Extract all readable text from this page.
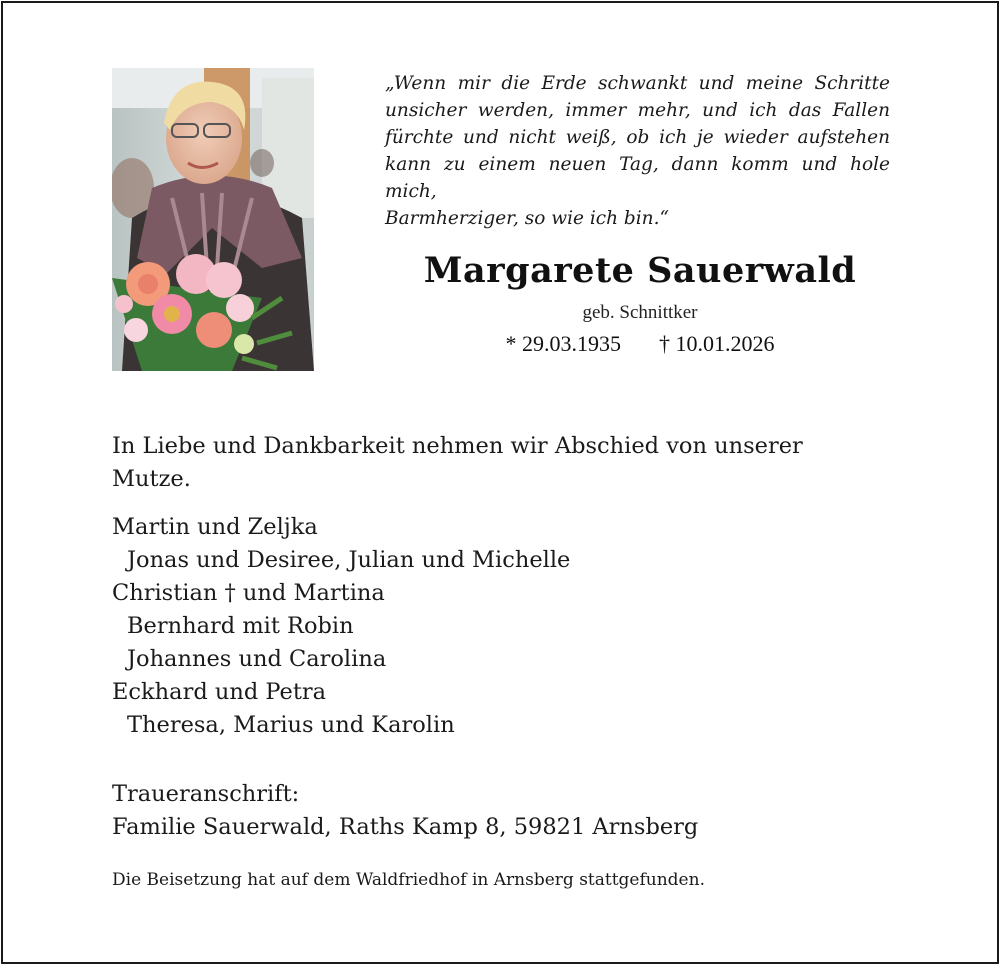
„Wenn mir die Erde schwankt und meine Schritte
unsicher werden, immer mehr, und ich das Fallen
fürchte und nicht weiß, ob ich je wieder aufstehen
kann zu einem neuen Tag, dann komm und hole mich,
Barmherziger, so wie ich bin.“
Margarete Sauerwald
geb. Schnittker
* 29.03.1935 † 10.01.2026
In Liebe und Dankbarkeit nehmen wir Abschied von unserer
Mutze.
Martin und Zeljka
Jonas und Desiree, Julian und Michelle
Christian † und Martina
Bernhard mit Robin
Johannes und Carolina
Eckhard und Petra
Theresa, Marius und Karolin
Traueranschrift:
Familie Sauerwald, Raths Kamp 8, 59821 Arnsberg
Die Beisetzung hat auf dem Waldfriedhof in Arnsberg stattgefunden.
